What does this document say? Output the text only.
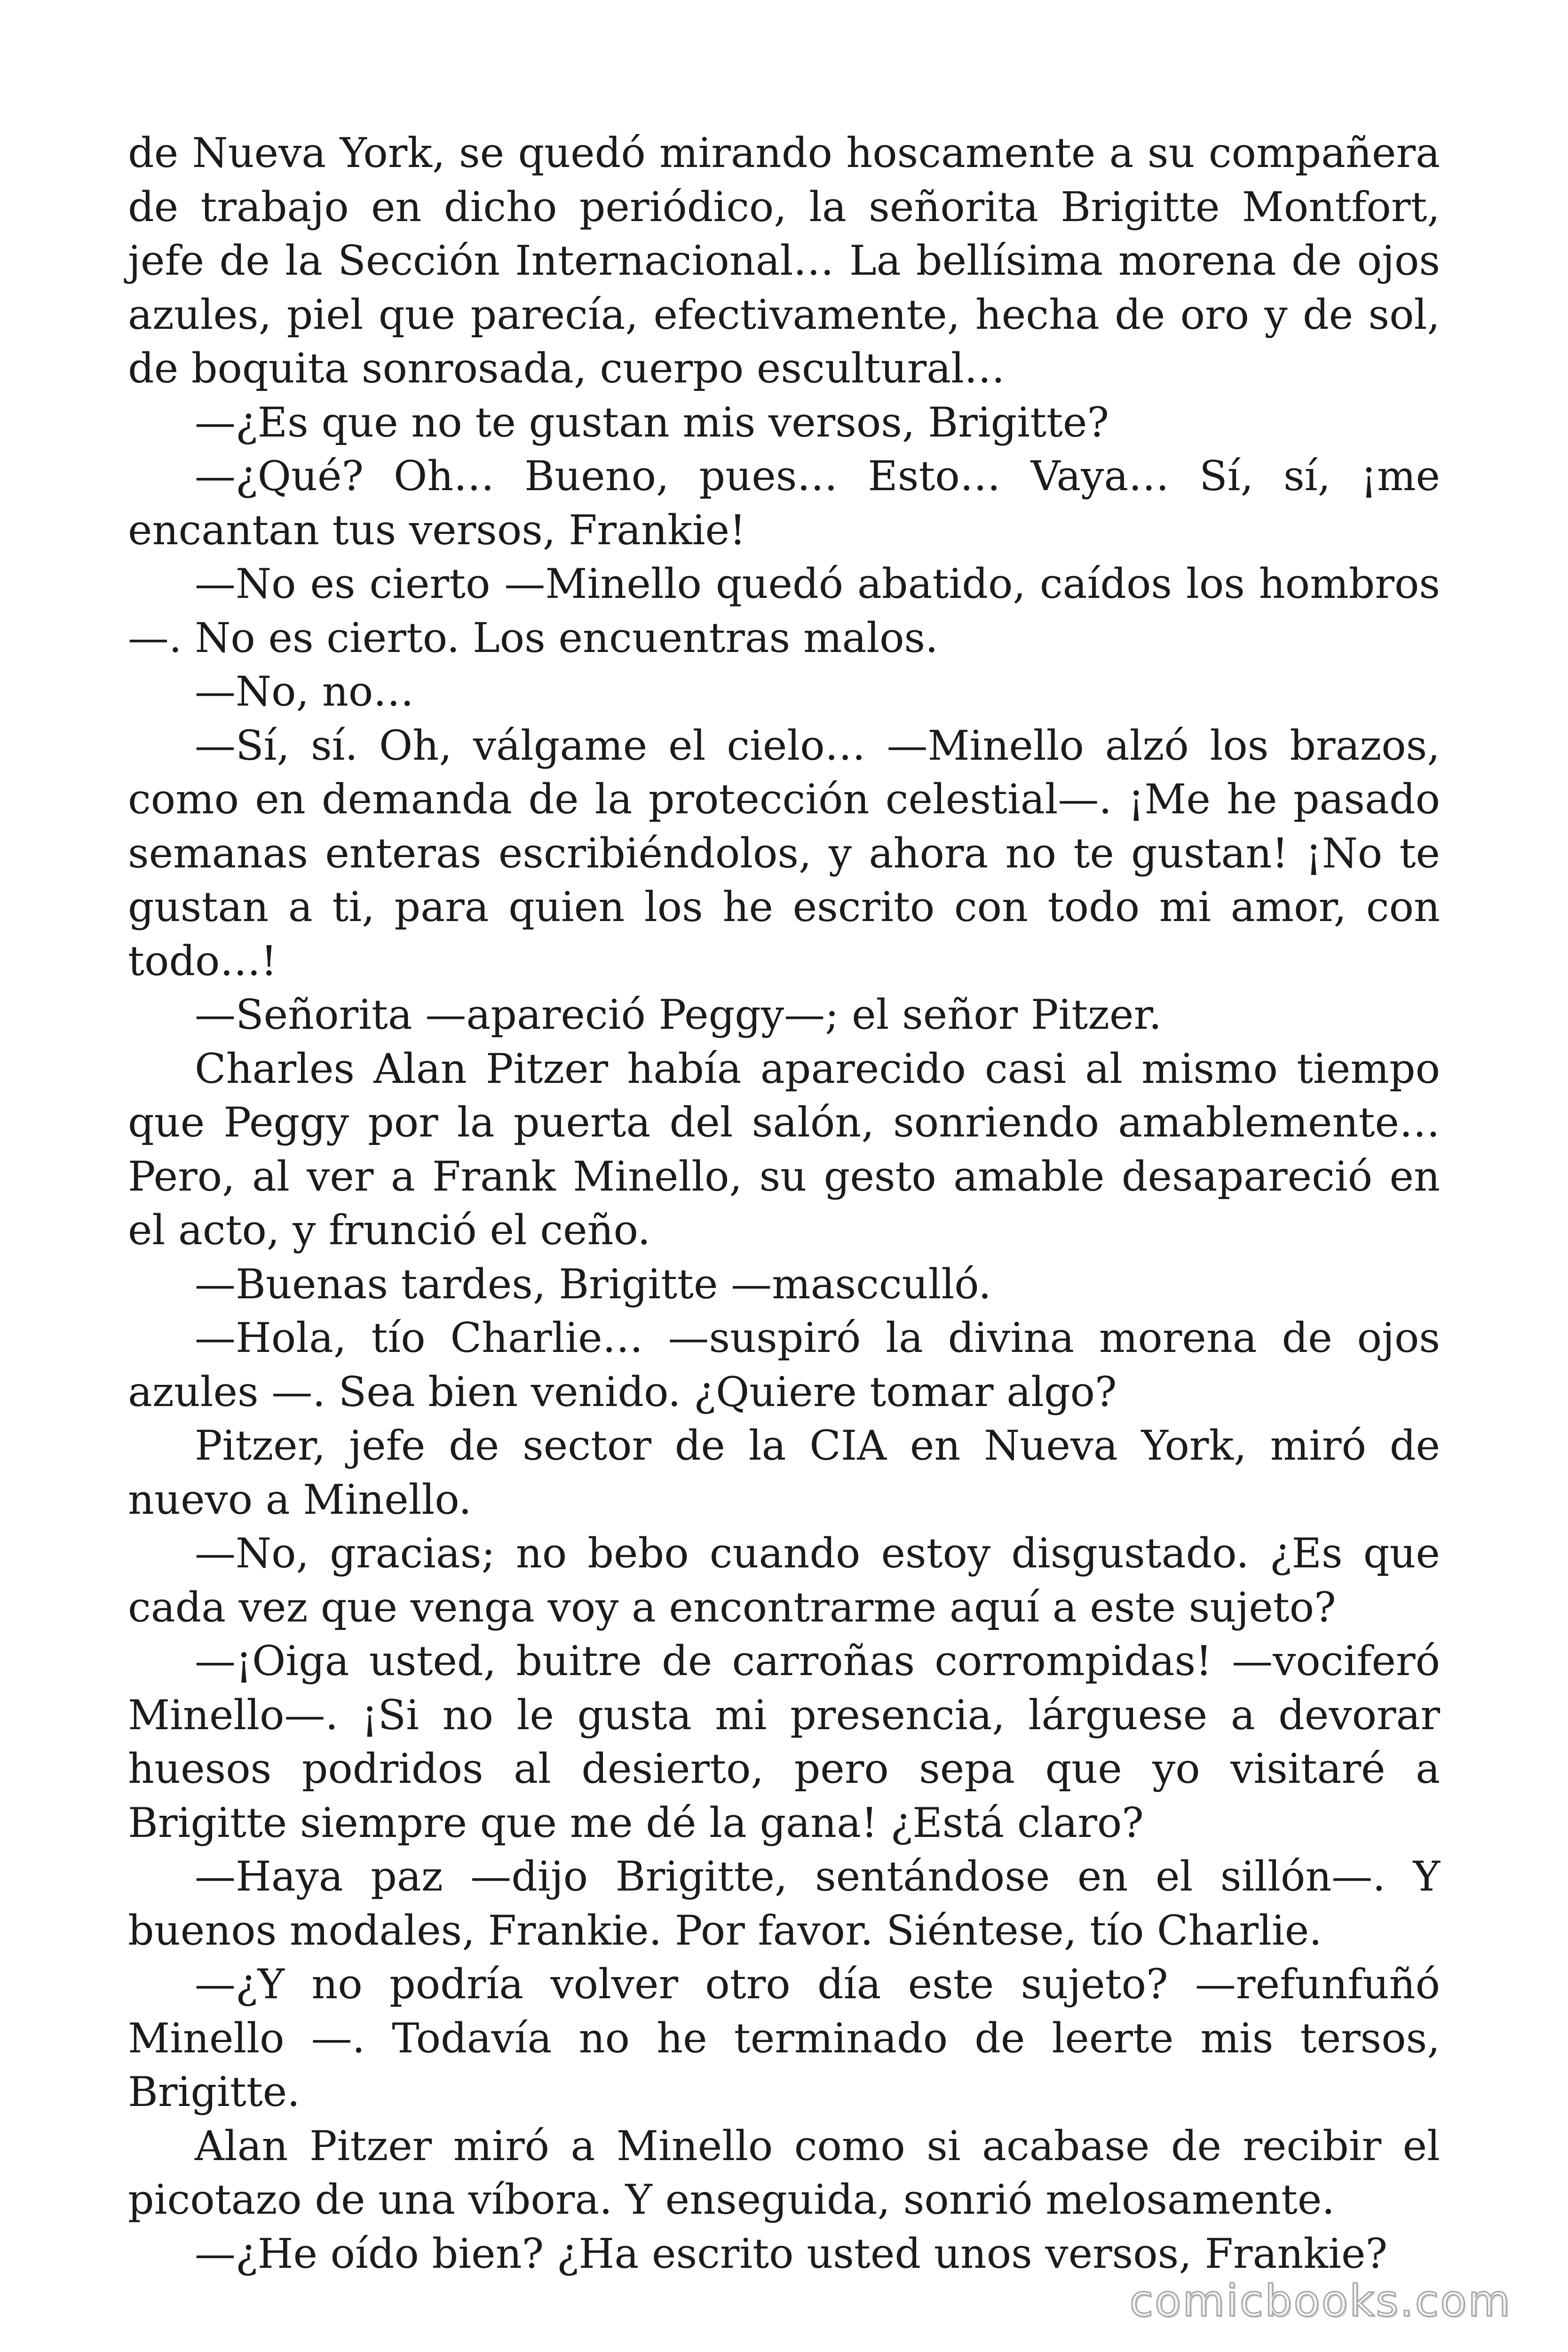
de Nueva York, se quedó mirando hoscamente a su compañera de trabajo en dicho periódico, la señorita Brigitte Montfort, jefe de la Sección Internacional… La bellísima morena de ojos azules, piel que parecía, efectivamente, hecha de oro y de sol, de boquita sonrosada, cuerpo escultural…

—¿Es que no te gustan mis versos, Brigitte?

—¿Qué? Oh… Bueno, pues… Esto… Vaya… Sí, sí, ¡me encantan tus versos, Frankie!

—No es cierto —Minello quedó abatido, caídos los hombros—. No es cierto. Los encuentras malos.

—No, no…

—Sí, sí. Oh, válgame el cielo… —Minello alzó los brazos, como en demanda de la protección celestial—. ¡Me he pasado semanas enteras escribiéndolos, y ahora no te gustan! ¡No te gustan a ti, para quien los he escrito con todo mi amor, con todo…!

—Señorita —apareció Peggy—; el señor Pitzer.

Charles Alan Pitzer había aparecido casi al mismo tiempo que Peggy por la puerta del salón, sonriendo amablemente… Pero, al ver a Frank Minello, su gesto amable desapareció en el acto, y frunció el ceño.

—Buenas tardes, Brigitte —mascculló.

—Hola, tío Charlie… —suspiró la divina morena de ojos azules —. Sea bien venido. ¿Quiere tomar algo?

Pitzer, jefe de sector de la CIA en Nueva York, miró de nuevo a Minello.

—No, gracias; no bebo cuando estoy disgustado. ¿Es que cada vez que venga voy a encontrarme aquí a este sujeto?

—¡Oiga usted, buitre de carroñas corrompidas! —vociferó Minello—. ¡Si no le gusta mi presencia, lárguese a devorar huesos podridos al desierto, pero sepa que yo visitaré a Brigitte siempre que me dé la gana! ¿Está claro?

—Haya paz —dijo Brigitte, sentándose en el sillón—. Y buenos modales, Frankie. Por favor. Siéntese, tío Charlie.

—¿Y no podría volver otro día este sujeto? —refunfuñó Minello —. Todavía no he terminado de leerte mis tersos, Brigitte.

Alan Pitzer miró a Minello como si acabase de recibir el picotazo de una víbora. Y enseguida, sonrió melosamente.

—¿He oído bien? ¿Ha escrito usted unos versos, Frankie?

comicbooks.com
